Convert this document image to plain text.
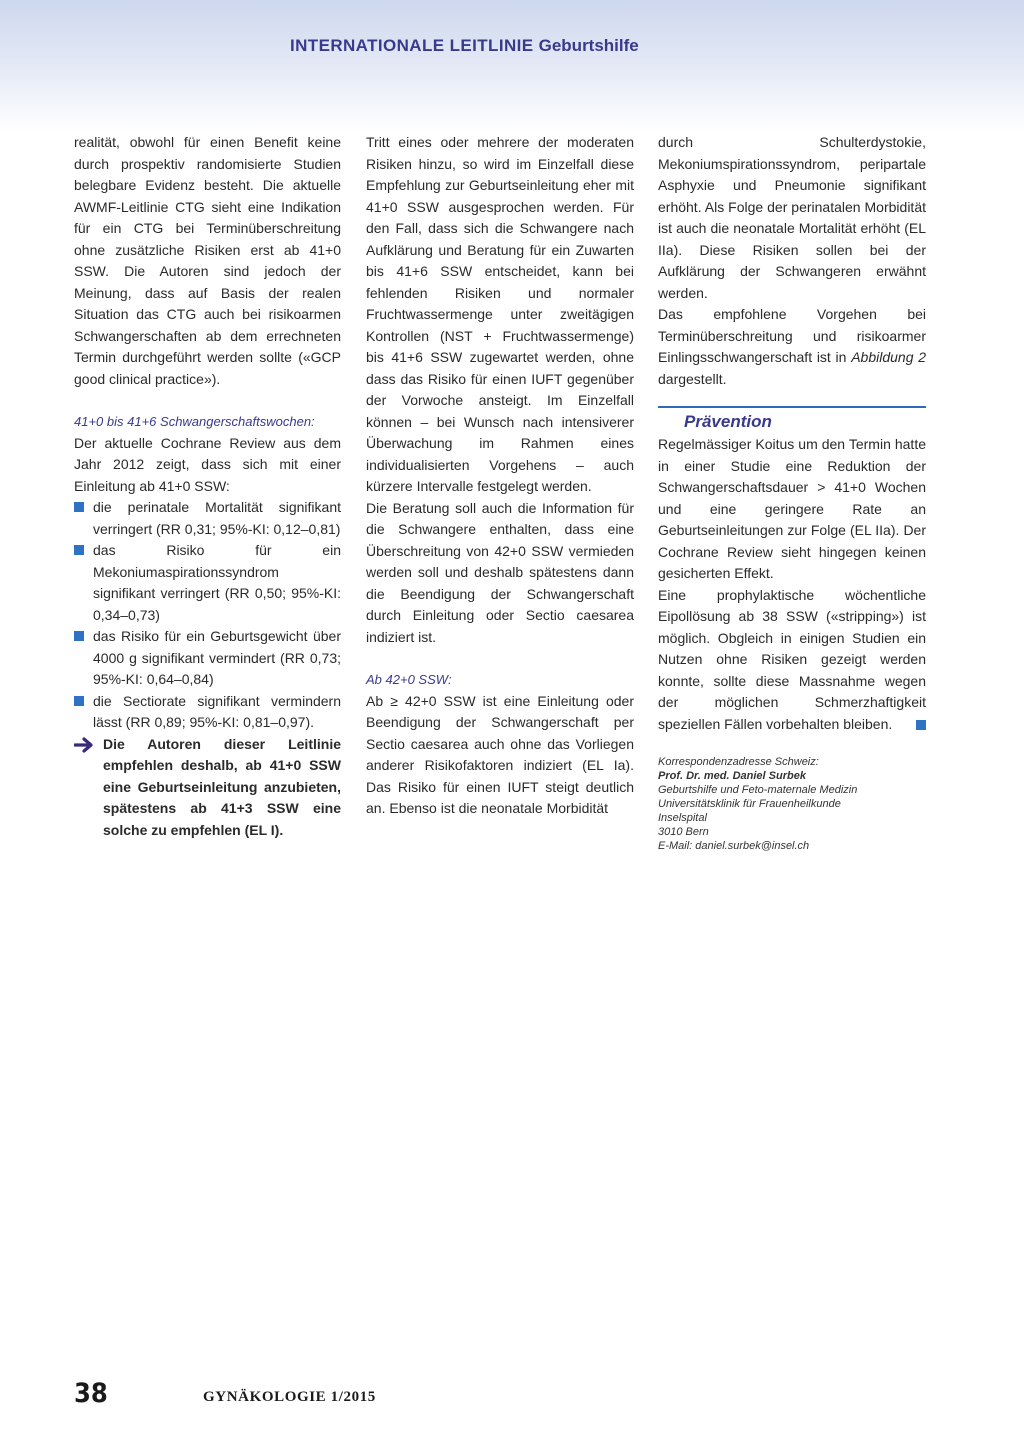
INTERNATIONALE LEITLINIE Geburtshilfe

realität, obwohl für einen Benefit keine durch prospektiv randomisierte Studien belegbare Evidenz besteht. Die aktuelle AWMF-Leitlinie CTG sieht eine Indikation für ein CTG bei Terminüberschreitung ohne zusätzliche Risiken erst ab 41+0 SSW. Die Autoren sind jedoch der Meinung, dass auf Basis der realen Situation das CTG auch bei risikoarmen Schwangerschaften ab dem errechneten Termin durchgeführt werden sollte («GCP good clinical practice»).

41+0 bis 41+6 Schwangerschaftswochen:

Der aktuelle Cochrane Review aus dem Jahr 2012 zeigt, dass sich mit einer Einleitung ab 41+0 SSW:

die perinatale Mortalität signifikant verringert (RR 0,31; 95%-KI: 0,12–0,81)
das Risiko für ein Mekoniumaspirationssyndrom signifikant verringert (RR 0,50; 95%-KI: 0,34–0,73)
das Risiko für ein Geburtsgewicht über 4000 g signifikant vermindert (RR 0,73; 95%-KI: 0,64–0,84)
die Sectiorate signifikant vermindern lässt (RR 0,89; 95%-KI: 0,81–0,97).

Die Autoren dieser Leitlinie empfehlen deshalb, ab 41+0 SSW eine Geburtseinleitung anzubieten, spätestens ab 41+3 SSW eine solche zu empfehlen (EL I).

Tritt eines oder mehrere der moderaten Risiken hinzu, so wird im Einzelfall diese Empfehlung zur Geburtseinleitung eher mit 41+0 SSW ausgesprochen werden. Für den Fall, dass sich die Schwangere nach Aufklärung und Beratung für ein Zuwarten bis 41+6 SSW entscheidet, kann bei fehlenden Risiken und normaler Fruchtwassermenge unter zweitägigen Kontrollen (NST + Fruchtwassermenge) bis 41+6 SSW zugewartet werden, ohne dass das Risiko für einen IUFT gegenüber der Vorwoche ansteigt. Im Einzelfall können – bei Wunsch nach intensiverer Überwachung im Rahmen eines individualisierten Vorgehens – auch kürzere Intervalle festgelegt werden.

Die Beratung soll auch die Information für die Schwangere enthalten, dass eine Überschreitung von 42+0 SSW vermieden werden soll und deshalb spätestens dann die Beendigung der Schwangerschaft durch Einleitung oder Sectio caesarea indiziert ist.

Ab 42+0 SSW:

Ab ≥ 42+0 SSW ist eine Einleitung oder Beendigung der Schwangerschaft per Sectio caesarea auch ohne das Vorliegen anderer Risikofaktoren indiziert (EL Ia). Das Risiko für einen IUFT steigt deutlich an. Ebenso ist die neonatale Morbidität

durch Schulterdystokie, Mekoniumspirationssyndrom, peripartale Asphyxie und Pneumonie signifikant erhöht. Als Folge der perinatalen Morbidität ist auch die neonatale Mortalität erhöht (EL IIa). Diese Risiken sollen bei der Aufklärung der Schwangeren erwähnt werden.

Das empfohlene Vorgehen bei Terminüberschreitung und risikoarmer Einlingsschwangerschaft ist in Abbildung 2 dargestellt.

Prävention

Regelmässiger Koitus um den Termin hatte in einer Studie eine Reduktion der Schwangerschaftsdauer > 41+0 Wochen und eine geringere Rate an Geburtseinleitungen zur Folge (EL IIa). Der Cochrane Review sieht hingegen keinen gesicherten Effekt.

Eine prophylaktische wöchentliche Eipollösung ab 38 SSW («stripping») ist möglich. Obgleich in einigen Studien ein Nutzen ohne Risiken gezeigt werden konnte, sollte diese Massnahme wegen der möglichen Schmerzhaftigkeit speziellen Fällen vorbehalten bleiben.

Korrespondenzadresse Schweiz:
Prof. Dr. med. Daniel Surbek
Geburtshilfe und Feto-maternale Medizin
Universitätsklinik für Frauenheilkunde
Inselspital
3010 Bern
E-Mail: daniel.surbek@insel.ch

38	GYNÄKOLOGIE 1/2015
